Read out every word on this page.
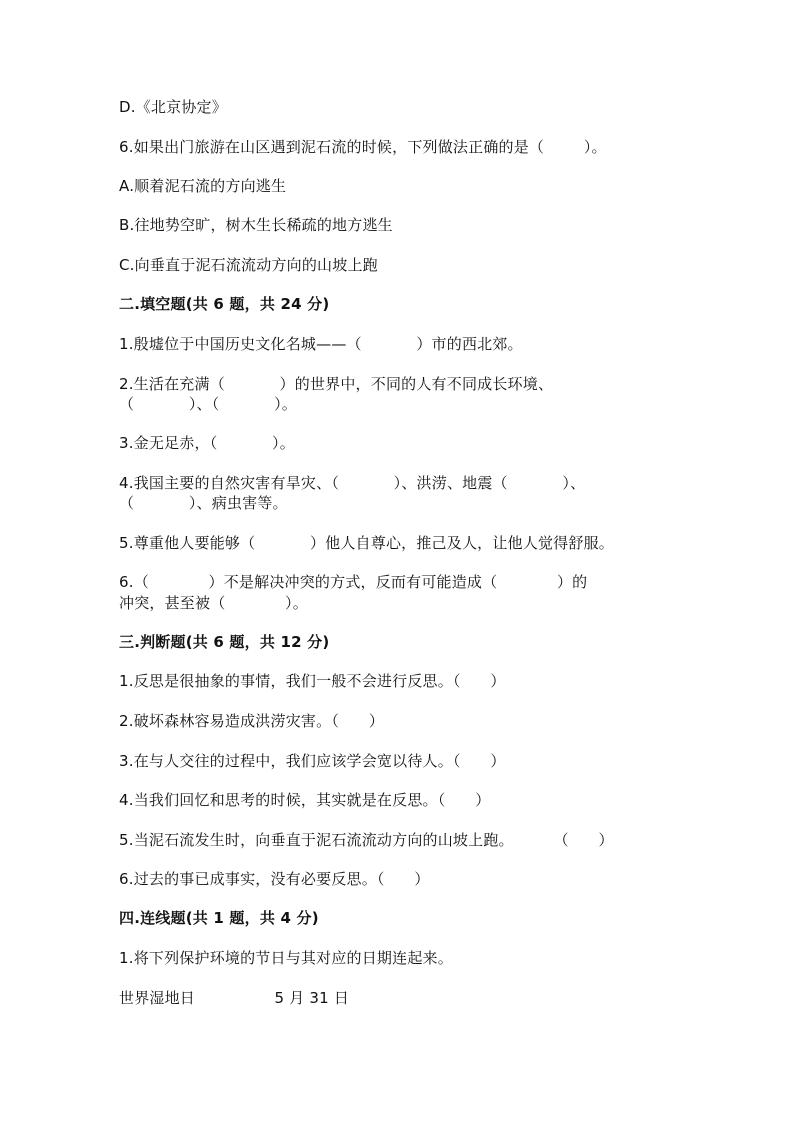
D.《北京协定》
6.如果出门旅游在山区遇到泥石流的时候，下列做法正确的是（        ）。
A.顺着泥石流的方向逃生
B.往地势空旷，树木生长稀疏的地方逃生
C.向垂直于泥石流流动方向的山坡上跑
二.填空题(共 6 题，共 24 分)
1.殷墟位于中国历史文化名城——（           ）市的西北郊。
2.生活在充满（           ）的世界中，不同的人有不同成长环境、
（           ）、（           ）。
3.金无足赤，（           ）。
4.我国主要的自然灾害有旱灾、（           ）、洪涝、地震（           ）、
（           ）、病虫害等。
5.尊重他人要能够（           ）他人自尊心，推己及人，让他人觉得舒服。
6.（            ）不是解决冲突的方式，反而有可能造成（            ）的
冲突，甚至被（            ）。
三.判断题(共 6 题，共 12 分)
1.反思是很抽象的事情，我们一般不会进行反思。（      ）
2.破坏森林容易造成洪涝灾害。（      ）
3.在与人交往的过程中，我们应该学会宽以待人。（      ）
4.当我们回忆和思考的时候，其实就是在反思。（      ）
5.当泥石流发生时，向垂直于泥石流流动方向的山坡上跑。        （      ）
6.过去的事已成事实，没有必要反思。（      ）
四.连线题(共 1 题，共 4 分)
1.将下列保护环境的节日与其对应的日期连起来。
世界湿地日                5 月 31 日
